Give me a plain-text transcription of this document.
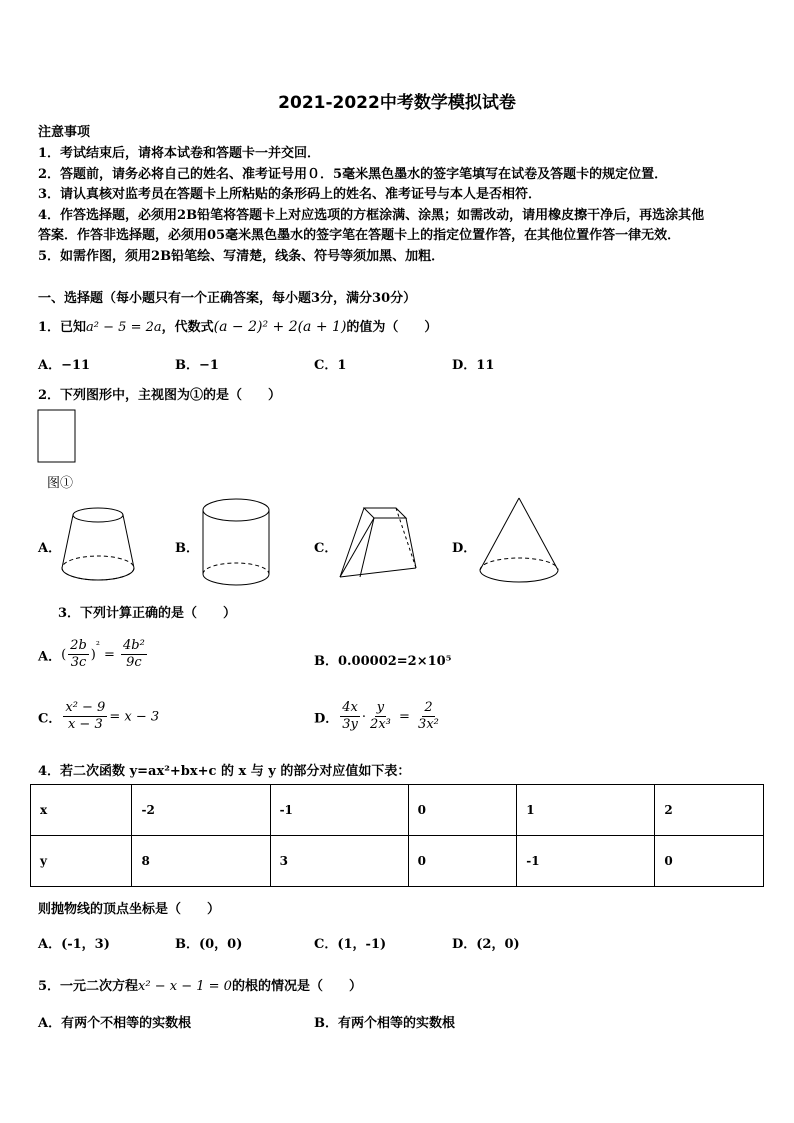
2021-2022中考数学模拟试卷
注意事项
1．考试结束后，请将本试卷和答题卡一并交回．
2．答题前，请务必将自己的姓名、准考证号用０．5毫米黑色墨水的签字笔填写在试卷及答题卡的规定位置．
3．请认真核对监考员在答题卡上所粘贴的条形码上的姓名、准考证号与本人是否相符．
4．作答选择题，必须用2B铅笔将答题卡上对应选项的方框涂满、涂黑；如需改动，请用橡皮擦干净后，再选涂其他
答案．作答非选择题，必须用05毫米黑色墨水的签字笔在答题卡上的指定位置作答，在其他位置作答一律无效．
5．如需作图，须用2B铅笔绘、写清楚，线条、符号等须加黑、加粗．
一、选择题（每小题只有一个正确答案，每小题3分，满分30分）
1．已知a² − 5 = 2a，代数式(a − 2)² + 2(a + 1)的值为（　　）
A．−11	B．−1	C．1	D．11
2．下列图形中，主视图为①的是（　　）
图①
A．	B．	C．	D．
3．下列计算正确的是（　　）
A．( $\frac{2b}{3c} )^{^2} = \frac{\text{4b²}}{9c}$	B．0.00002=2×10⁵
C． $\frac{\text{x² − 9}}{x - 3} = x - 3$	D． $\frac{4x}{3y} \cdot \frac{y}{\text{2x³}} = \frac{2}{\text{3x²}}$
4．若二次函数 y=ax²+bx+c 的 x 与 y 的部分对应值如下表：
x	-2	-1	0	1	2
y	8	3	0	-1	0
则抛物线的顶点坐标是（　　）
A．(-1，3)	B．(0，0)	C．(1，-1)	D．(2，0)
5．一元二次方程x² − x − 1 = 0的根的情况是（　　）
A．有两个不相等的实数根	B．有两个相等的实数根
